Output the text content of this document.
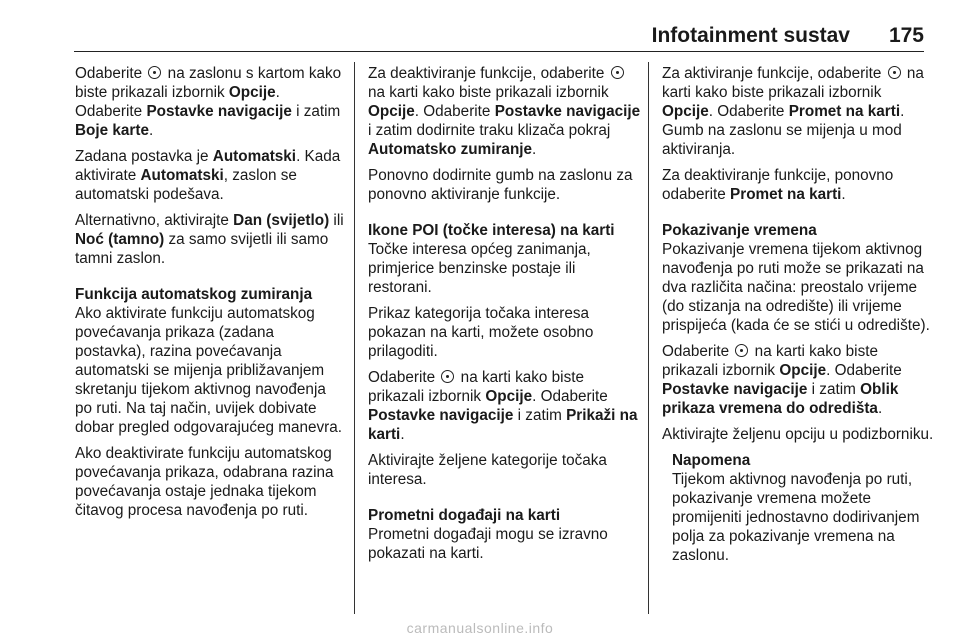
Infotainment sustav 175

Odaberite  na zaslonu s kartom kako biste prikazali izbornik Opcije. Odaberite Postavke navigacije i zatim Boje karte.

Zadana postavka je Automatski. Kada aktivirate Automatski, zaslon se automatski podešava.

Alternativno, aktivirajte Dan (svijetlo) ili Noć (tamno) za samo svijetli ili samo tamni zaslon.

Funkcija automatskog zumiranja

Ako aktivirate funkciju automatskog povećavanja prikaza (zadana postavka), razina povećavanja automatski se mijenja približavanjem skretanju tijekom aktivnog navođenja po ruti. Na taj način, uvijek dobivate dobar pregled odgovarajućeg manevra.

Ako deaktivirate funkciju automatskog povećavanja prikaza, odabrana razina povećavanja ostaje jednaka tijekom čitavog procesa navođenja po ruti.

Za deaktiviranje funkcije, odaberite  na karti kako biste prikazali izbornik Opcije. Odaberite Postavke navigacije i zatim dodirnite traku klizača pokraj Automatsko zumiranje.

Ponovno dodirnite gumb na zaslonu za ponovno aktiviranje funkcije.

Ikone POI (točke interesa) na karti

Točke interesa općeg zanimanja, primjerice benzinske postaje ili restorani.

Prikaz kategorija točaka interesa pokazan na karti, možete osobno prilagoditi.

Odaberite  na karti kako biste prikazali izbornik Opcije. Odaberite Postavke navigacije i zatim Prikaži na karti.

Aktivirajte željene kategorije točaka interesa.

Prometni događaji na karti

Prometni događaji mogu se izravno pokazati na karti.

Za aktiviranje funkcije, odaberite  na karti kako biste prikazali izbornik Opcije. Odaberite Promet na karti. Gumb na zaslonu se mijenja u mod aktiviranja.

Za deaktiviranje funkcije, ponovno odaberite Promet na karti.

Pokazivanje vremena

Pokazivanje vremena tijekom aktivnog navođenja po ruti može se prikazati na dva različita načina: preostalo vrijeme (do stizanja na odredište) ili vrijeme prispijeća (kada će se stići u odredište).

Odaberite  na karti kako biste prikazali izbornik Opcije. Odaberite Postavke navigacije i zatim Oblik prikaza vremena do odredišta.

Aktivirajte željenu opciju u podizborniku.

Napomena

Tijekom aktivnog navođenja po ruti, pokazivanje vremena možete promijeniti jednostavno dodirivanjem polja za pokazivanje vremena na zaslonu.

carmanualsonline.info
